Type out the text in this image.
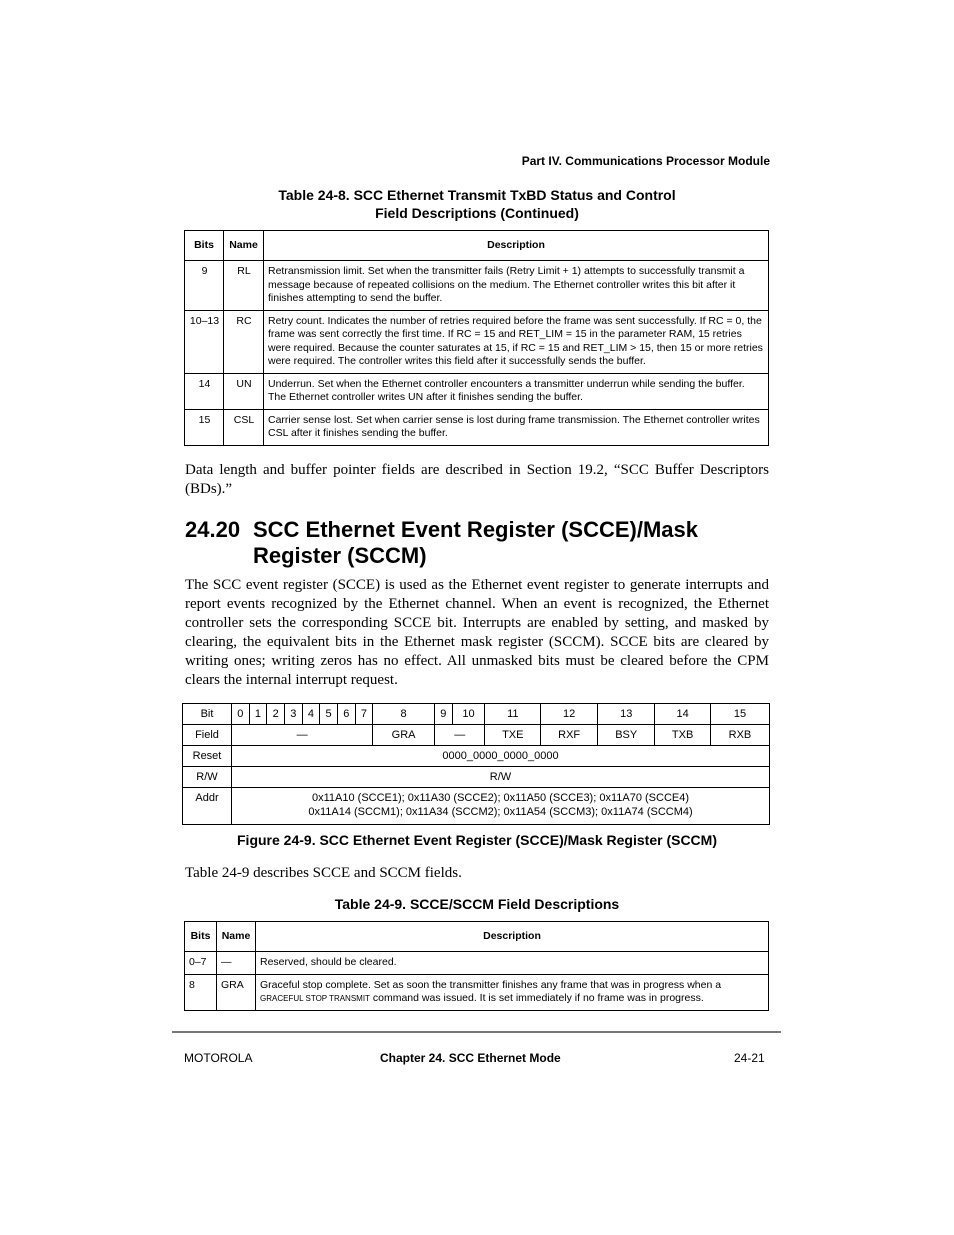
Part IV. Communications Processor Module
Table 24-8. SCC Ethernet Transmit TxBD Status and Control
Field Descriptions (Continued)
Bits	Name	Description
9	RL	Retransmission limit. Set when the transmitter fails (Retry Limit + 1) attempts to successfully transmit a message because of repeated collisions on the medium. The Ethernet controller writes this bit after it finishes attempting to send the buffer.
10–13	RC	Retry count. Indicates the number of retries required before the frame was sent successfully. If RC = 0, the frame was sent correctly the first time. If RC = 15 and RET_LIM = 15 in the parameter RAM, 15 retries were required. Because the counter saturates at 15, if RC = 15 and RET_LIM > 15, then 15 or more retries were required. The controller writes this field after it successfully sends the buffer.
14	UN	Underrun. Set when the Ethernet controller encounters a transmitter underrun while sending the buffer. The Ethernet controller writes UN after it finishes sending the buffer.
15	CSL	Carrier sense lost. Set when carrier sense is lost during frame transmission. The Ethernet controller writes CSL after it finishes sending the buffer.
Data length and buffer pointer fields are described in Section 19.2, “SCC Buffer Descriptors (BDs).”
24.20 SCC Ethernet Event Register (SCCE)/Mask
Register (SCCM)
The SCC event register (SCCE) is used as the Ethernet event register to generate interrupts and report events recognized by the Ethernet channel. When an event is recognized, the Ethernet controller sets the corresponding SCCE bit. Interrupts are enabled by setting, and masked by clearing, the equivalent bits in the Ethernet mask register (SCCM). SCCE bits are cleared by writing ones; writing zeros has no effect. All unmasked bits must be cleared before the CPM clears the internal interrupt request.
Bit	0	1	2	3	4	5	6	7	8	9	10	11	12	13	14	15
Field	—								GRA	—		TXE	RXF	BSY	TXB	RXB
Reset	0000_0000_0000_0000															
R/W	R/W															
Addr	0x11A10 (SCCE1); 0x11A30 (SCCE2); 0x11A50 (SCCE3); 0x11A70 (SCCE4)
0x11A14 (SCCM1); 0x11A34 (SCCM2); 0x11A54 (SCCM3); 0x11A74 (SCCM4)															
Figure 24-9. SCC Ethernet Event Register (SCCE)/Mask Register (SCCM)
Table 24-9 describes SCCE and SCCM fields.
Table 24-9. SCCE/SCCM Field Descriptions
Bits	Name	Description
0–7	—	Reserved, should be cleared.
8	GRA	Graceful stop complete. Set as soon the transmitter finishes any frame that was in progress when a GRACEFUL STOP TRANSMIT command was issued. It is set immediately if no frame was in progress.
MOTOROLA	Chapter 24. SCC Ethernet Mode	24-21
